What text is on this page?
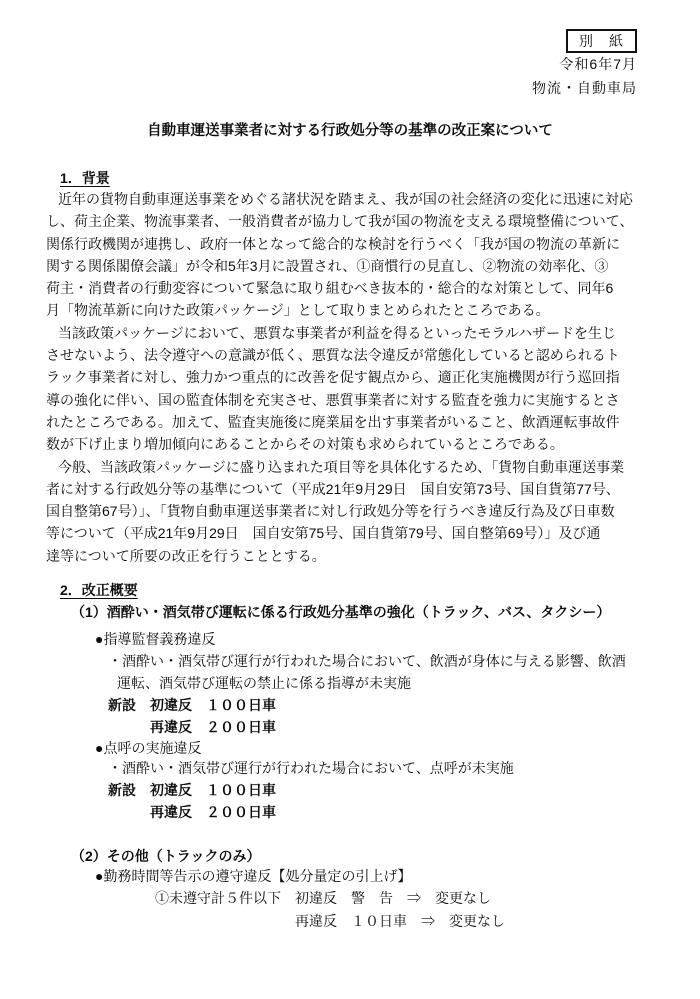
別　紙
令和6年7月
物流・自動車局
自動車運送事業者に対する行政処分等の基準の改正案について
1．背景
近年の貨物自動車運送事業をめぐる諸状況を踏まえ、我が国の社会経済の変化に迅速に対応
し、荷主企業、物流事業者、一般消費者が協力して我が国の物流を支える環境整備について、
関係行政機関が連携し、政府一体となって総合的な検討を行うべく「我が国の物流の革新に
関する関係閣僚会議」が令和5年3月に設置され、①商慣行の見直し、②物流の効率化、③
荷主・消費者の行動変容について緊急に取り組むべき抜本的・総合的な対策として、同年6
月「物流革新に向けた政策パッケージ」として取りまとめられたところである。
当該政策パッケージにおいて、悪質な事業者が利益を得るといったモラルハザードを生じ
させないよう、法令遵守への意識が低く、悪質な法令違反が常態化していると認められるト
ラック事業者に対し、強力かつ重点的に改善を促す観点から、適正化実施機関が行う巡回指
導の強化に伴い、国の監査体制を充実させ、悪質事業者に対する監査を強力に実施するとさ
れたところである。加えて、監査実施後に廃業届を出す事業者がいること、飲酒運転事故件
数が下げ止まり増加傾向にあることからその対策も求められているところである。
今般、当該政策パッケージに盛り込まれた項目等を具体化するため、「貨物自動車運送事業
者に対する行政処分等の基準について（平成21年9月29日　国自安第73号、国自貨第77号、
国自整第67号）」、「貨物自動車運送事業者に対し行政処分等を行うべき違反行為及び日車数
等について（平成21年9月29日　国自安第75号、国自貨第79号、国自整第69号）」及び通
達等について所要の改正を行うこととする。
2．改正概要
（1）酒酔い・酒気帯び運転に係る行政処分基準の強化（トラック、バス、タクシー）
●指導監督義務違反
・酒酔い・酒気帯び運行が行われた場合において、飲酒が身体に与える影響、飲酒
運転、酒気帯び運転の禁止に係る指導が未実施
新設　初違反　１００日車
再違反　２００日車
●点呼の実施違反
・酒酔い・酒気帯び運行が行われた場合において、点呼が未実施
新設　初違反　１００日車
再違反　２００日車
（2）その他（トラックのみ）
●勤務時間等告示の遵守違反【処分量定の引上げ】
①未遵守計５件以下　初違反　警　告　⇒　変更なし
再違反　１０日車　⇒　変更なし
